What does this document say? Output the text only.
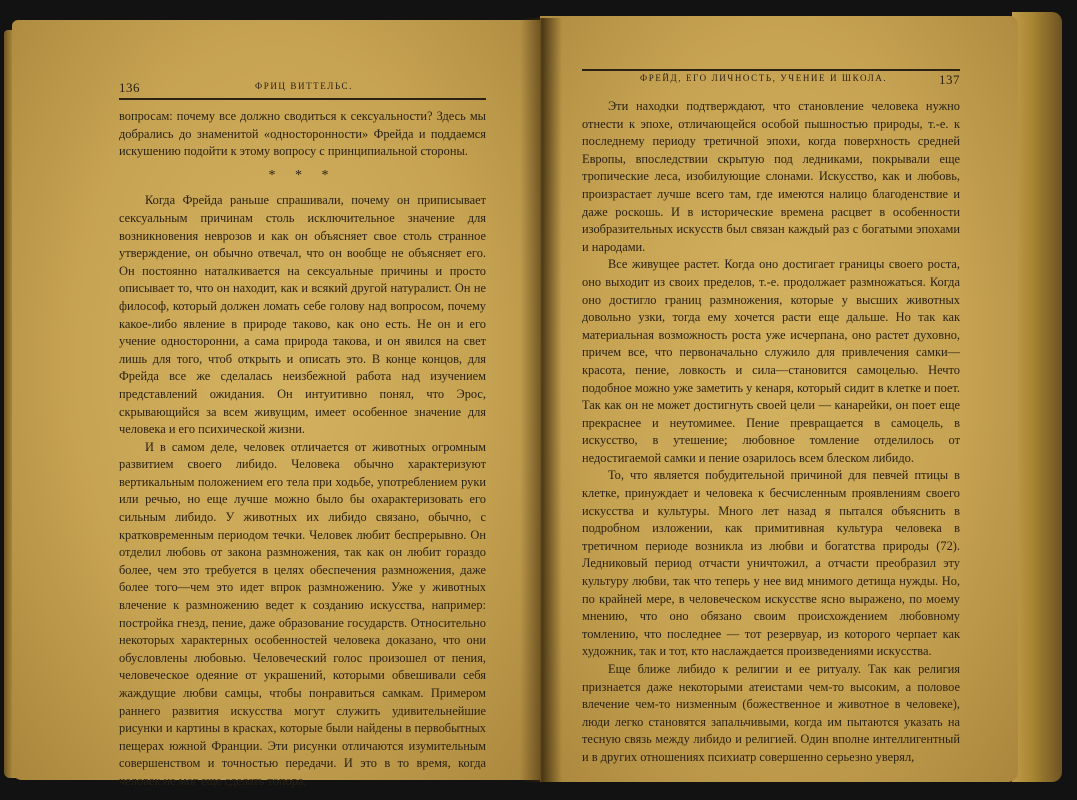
136	ФРИЦ ВИТТЕЛЬС.

вопросам: почему все должно сводиться к сексуальности? Здесь мы добрались до знаменитой «односторонности» Фрейда и поддаемся искушению подойти к этому вопросу с принципиальной стороны.

* * *

Когда Фрейда раньше спрашивали, почему он приписывает сексуальным причинам столь исключительное значение для возникновения неврозов и как он объясняет свое столь странное утверждение, он обычно отвечал, что он вообще не объясняет его. Он постоянно наталкивается на сексуальные причины и просто описывает то, что он находит, как и всякий другой натуралист. Он не философ, который должен ломать себе голову над вопросом, почему какое-либо явление в природе таково, как оно есть. Не он и его учение односторонни, а сама природа такова, и он явился на свет лишь для того, чтоб открыть и описать это. В конце концов, для Фрейда все же сделалась неизбежной работа над изучением представлений ожидания. Он интуитивно понял, что Эрос, скрывающийся за всем живущим, имеет особенное значение для человека и его психической жизни.

И в самом деле, человек отличается от животных огромным развитием своего либидо. Человека обычно характеризуют вертикальным положением его тела при ходьбе, употреблением руки или речью, но еще лучше можно было бы охарактеризовать его сильным либидо. У животных их либидо связано, обычно, с кратковременным периодом течки. Человек любит беспрерывно. Он отделил любовь от закона размножения, так как он любит гораздо более, чем это требуется в целях обеспечения размножения, даже более того—чем это идет впрок размножению. Уже у животных влечение к размножению ведет к созданию искусства, например: постройка гнезд, пение, даже образование государств. Относительно некоторых характерных особенностей человека доказано, что они обусловлены любовью. Человеческий голос произошел от пения, человеческое одеяние от украшений, которыми обвешивали себя жаждущие любви самцы, чтобы понравиться самкам. Примером раннего развития искусства могут служить удивительнейшие рисунки и картины в красках, которые были найдены в первобытных пещерах южной Франции. Эти рисунки отличаются изумительным совершенством и точностью передачи. И это в то время, когда человек не мог еще сделать топора.

ФРЕЙД, ЕГО ЛИЧНОСТЬ, УЧЕНИЕ И ШКОЛА.	137

Эти находки подтверждают, что становление человека нужно отнести к эпохе, отличающейся особой пышностью природы, т.-е. к последнему периоду третичной эпохи, когда поверхность средней Европы, впоследствии скрытую под ледниками, покрывали еще тропические леса, изобилующие слонами. Искусство, как и любовь, произрастает лучше всего там, где имеются налицо благоденствие и даже роскошь. И в исторические времена расцвет в особенности изобразительных искусств был связан каждый раз с богатыми эпохами и народами.

Все живущее растет. Когда оно достигает границы своего роста, оно выходит из своих пределов, т.-е. продолжает размножаться. Когда оно достигло границ размножения, которые у высших животных довольно узки, тогда ему хочется расти еще дальше. Но так как материальная возможность роста уже исчерпана, оно растет духовно, причем все, что первоначально служило для привлечения самки—красота, пение, ловкость и сила—становится самоцелью. Нечто подобное можно уже заметить у кенаря, который сидит в клетке и поет. Так как он не может достигнуть своей цели — канарейки, он поет еще прекраснее и неутомимее. Пение превращается в самоцель, в искусство, в утешение; любовное томление отделилось от недостигаемой самки и пение озарилось всем блеском либидо.

То, что является побудительной причиной для певчей птицы в клетке, принуждает и человека к бесчисленным проявлениям своего искусства и культуры. Много лет назад я пытался объяснить в подробном изложении, как примитивная культура человека в третичном периоде возникла из любви и богатства природы (72). Ледниковый период отчасти уничтожил, а отчасти преобразил эту культуру любви, так что теперь у нее вид мнимого детища нужды. Но, по крайней мере, в человеческом искусстве ясно выражено, по моему мнению, что оно обязано своим происхождением любовному томлению, что последнее — тот резервуар, из которого черпает как художник, так и тот, кто наслаждается произведениями искусства.

Еще ближе либидо к религии и ее ритуалу. Так как религия признается даже некоторыми атеистами чем-то высоким, а половое влечение чем-то низменным (божественное и животное в человеке), люди легко становятся запальчивыми, когда им пытаются указать на тесную связь между либидо и религией. Один вполне интеллигентный и в других отношениях психиатр совершенно серьезно уверял,
